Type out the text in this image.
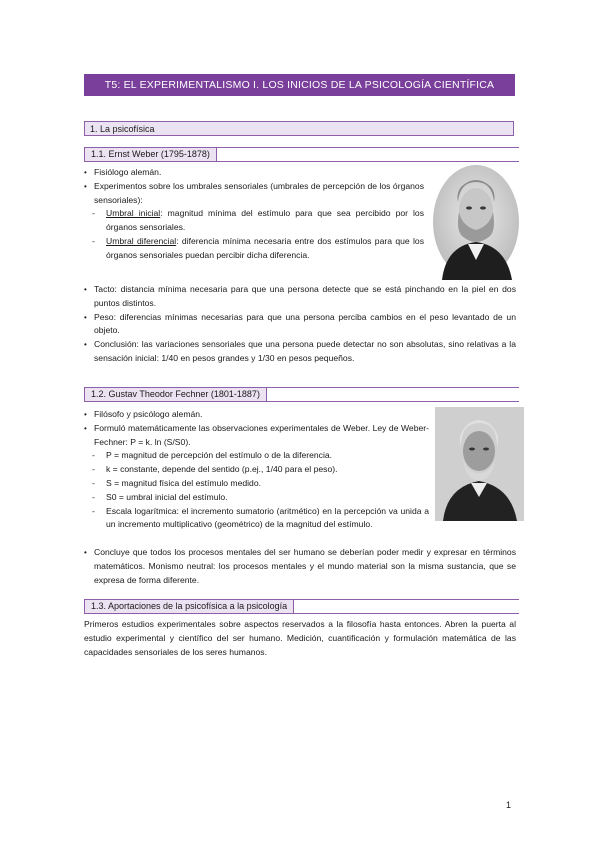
T5: EL EXPERIMENTALISMO I. LOS INICIOS DE LA PSICOLOGÍA CIENTÍFICA
1. La psicofísica
1.1. Ernst Weber (1795-1878)
• Fisiólogo alemán.
• Experimentos sobre los umbrales sensoriales (umbrales de percepción de los órganos sensoriales):
- Umbral inicial: magnitud mínima del estímulo para que sea percibido por los órganos sensoriales.
- Umbral diferencial: diferencia mínima necesaria entre dos estímulos para que los órganos sensoriales puedan percibir dicha diferencia.
• Tacto: distancia mínima necesaria para que una persona detecte que se está pinchando en la piel en dos puntos distintos.
• Peso: diferencias mínimas necesarias para que una persona perciba cambios en el peso levantado de un objeto.
• Conclusión: las variaciones sensoriales que una persona puede detectar no son absolutas, sino relativas a la sensación inicial: 1/40 en pesos grandes y 1/30 en pesos pequeños.
1.2. Gustav Theodor Fechner (1801-1887)
• Filósofo y psicólogo alemán.
• Formuló matemáticamente las observaciones experimentales de Weber. Ley de Weber-Fechner: P = k. ln (S/S0).
- P = magnitud de percepción del estímulo o de la diferencia.
- k = constante, depende del sentido (p.ej., 1/40 para el peso).
- S = magnitud física del estímulo medido.
- S0 = umbral inicial del estímulo.
- Escala logarítmica: el incremento sumatorio (aritmético) en la percepción va unida a un incremento multiplicativo (geométrico) de la magnitud del estímulo.
• Concluye que todos los procesos mentales del ser humano se deberían poder medir y expresar en términos matemáticos. Monismo neutral: los procesos mentales y el mundo material son la misma sustancia, que se expresa de forma diferente.
1.3. Aportaciones de la psicofísica a la psicología
Primeros estudios experimentales sobre aspectos reservados a la filosofía hasta entonces. Abren la puerta al estudio experimental y científico del ser humano. Medición, cuantificación y formulación matemática de las capacidades sensoriales de los seres humanos.
1
